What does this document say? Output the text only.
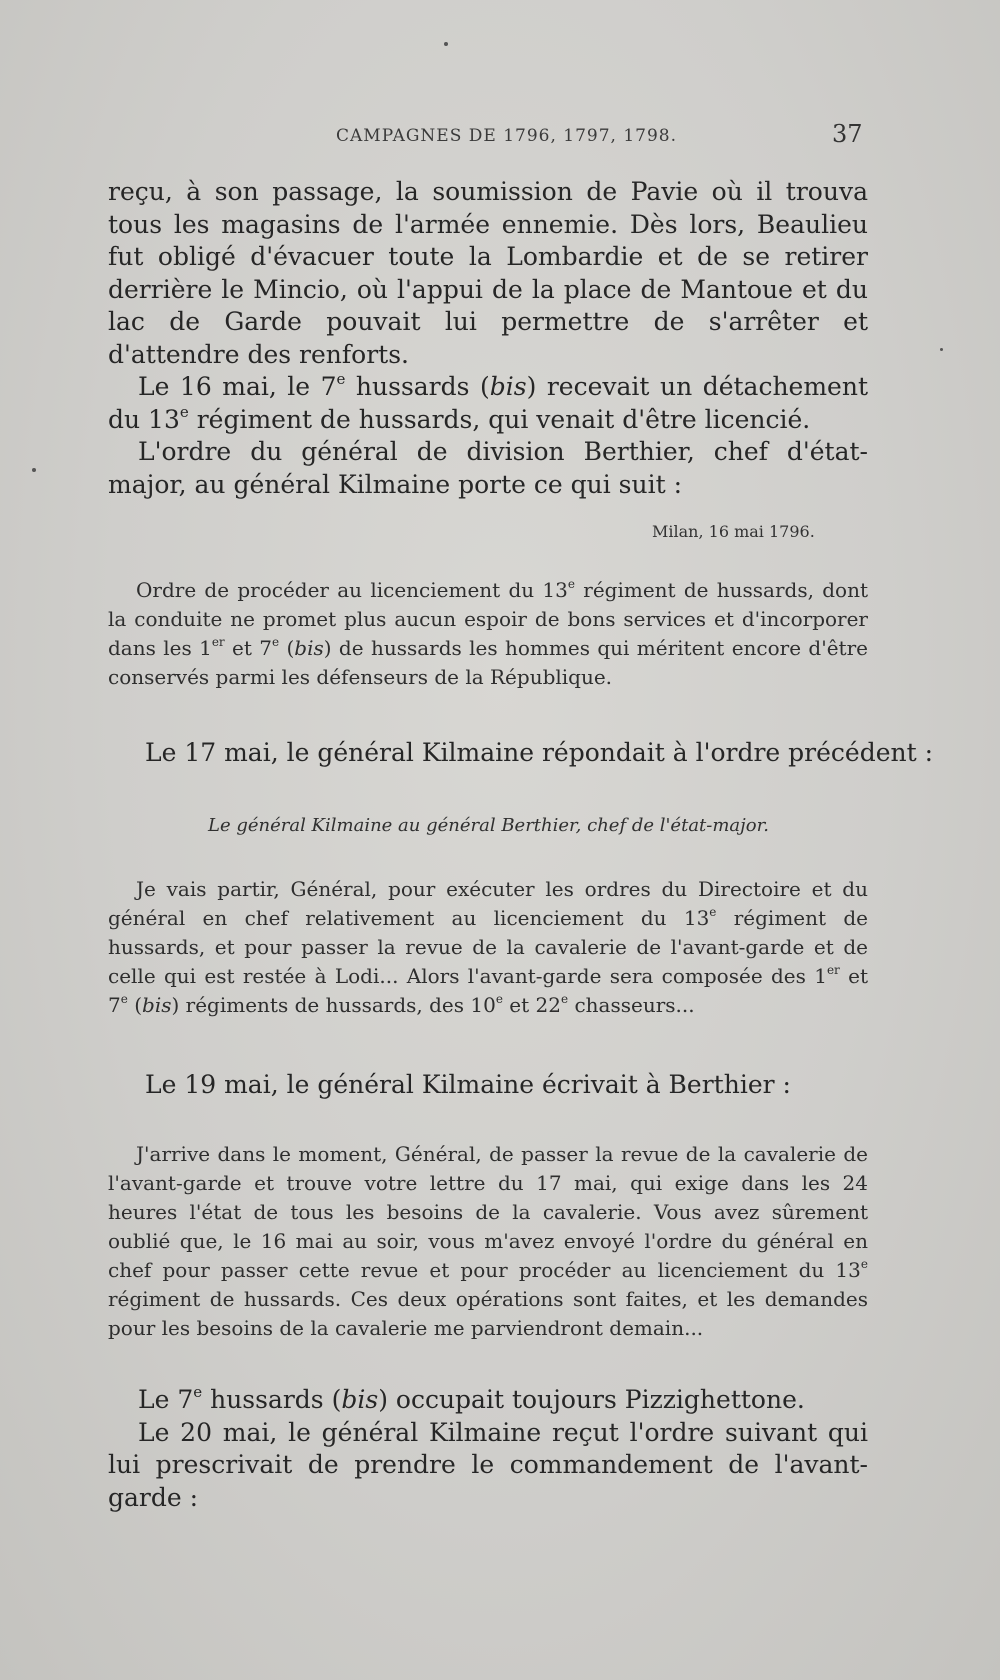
CAMPAGNES DE 1796, 1797, 1798.	37

reçu, à son passage, la soumission de Pavie où il trouva tous les magasins de l'armée ennemie. Dès lors, Beaulieu fut obligé d'évacuer toute la Lombardie et de se retirer derrière le Mincio, où l'appui de la place de Mantoue et du lac de Garde pouvait lui permettre de s'arrêter et d'attendre des renforts.

Le 16 mai, le 7e hussards (bis) recevait un détachement du 13e régiment de hussards, qui venait d'être licencié.

L'ordre du général de division Berthier, chef d'état-major, au général Kilmaine porte ce qui suit :

Milan, 16 mai 1796.

Ordre de procéder au licenciement du 13e régiment de hussards, dont la conduite ne promet plus aucun espoir de bons services et d'incorporer dans les 1er et 7e (bis) de hussards les hommes qui méritent encore d'être conservés parmi les défenseurs de la République.

Le 17 mai, le général Kilmaine répondait à l'ordre précédent :
Le général Kilmaine au général Berthier, chef de l'état-major.

Je vais partir, Général, pour exécuter les ordres du Directoire et du général en chef relativement au licenciement du 13e régiment de hussards, et pour passer la revue de la cavalerie de l'avant-garde et de celle qui est restée à Lodi... Alors l'avant-garde sera composée des 1er et 7e (bis) régiments de hussards, des 10e et 22e chasseurs...

Le 19 mai, le général Kilmaine écrivait à Berthier :

J'arrive dans le moment, Général, de passer la revue de la cavalerie de l'avant-garde et trouve votre lettre du 17 mai, qui exige dans les 24 heures l'état de tous les besoins de la cavalerie. Vous avez sûrement oublié que, le 16 mai au soir, vous m'avez envoyé l'ordre du général en chef pour passer cette revue et pour procéder au licenciement du 13e régiment de hussards. Ces deux opérations sont faites, et les demandes pour les besoins de la cavalerie me parviendront demain...

Le 7e hussards (bis) occupait toujours Pizzighettone.

Le 20 mai, le général Kilmaine reçut l'ordre suivant qui lui prescrivait de prendre le commandement de l'avant-garde :
